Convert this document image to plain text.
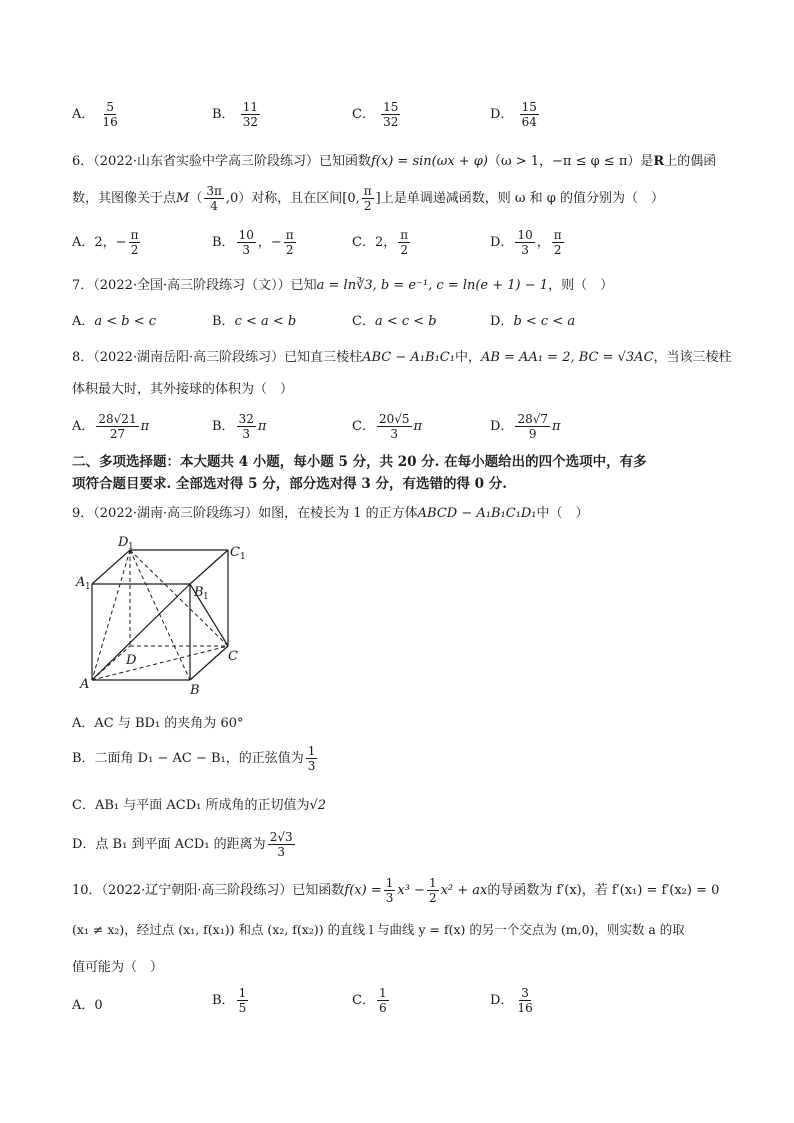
A． $\frac{5}{16}$	B． $\frac{11}{32}$	C． $\frac{15}{32}$	D． $\frac{15}{64}$
6．（2022·山东省实验中学高三阶段练习）已知函数f(x) = sin(ωx + φ)（ω > 1，−π ≤ φ ≤ π）是R上的偶函
数，其图像关于点$M( \frac{3\pi}{4} ,0)$对称，且在区间[0, $\frac{\pi}{2}$ ]上是单调递减函数，则 ω 和 φ 的值分别为（　）
A．2，− $\frac{\pi}{2}$	B． $\frac{10}{3}$ ，− $\frac{\pi}{2}$	C．2， $\frac{\pi}{2}$	D． $\frac{10}{3}$ ， $\frac{\pi}{2}$
7．（2022·全国·高三阶段练习（文））已知a = ln∛3, b = e⁻¹, c = ln(e + 1) − 1，则（　）
A．a < b < c	B．c < a < b	C．a < c < b	D．b < c < a
8．（2022·湖南岳阳·高三阶段练习）已知直三棱柱ABC − A₁B₁C₁中，AB = AA₁ = 2, BC = √3AC，当该三棱柱
体积最大时，其外接球的体积为（　）
A． $\frac{28√21}{27}$ π	B． $\frac{32}{3}$ π	C． $\frac{20√5}{3}$ π	D． $\frac{28√7}{9}$ π
二、多项选择题：本大题共 4 小题，每小题 5 分，共 20 分. 在每小题给出的四个选项中，有多
项符合题目要求. 全部选对得 5 分，部分选对得 3 分，有选错的得 0 分.
9．（2022·湖南·高三阶段练习）如图，在棱长为 1 的正方体ABCD − A₁B₁C₁D₁中（　）
D 1	C 1
A 1	B 1
D	C
A	B
A．AC 与 BD₁ 的夹角为 60°
B．二面角 D₁ − AC − B₁，的正弦值为 $\frac{1}{3}$
C．AB₁ 与平面 ACD₁ 所成角的正切值为√2
D．点 B₁ 到平面 ACD₁ 的距离为 $\frac{2√3}{3}$
10．（2022·辽宁朝阳·高三阶段练习）已知函数$f(x) = \frac{1}{3} x^3 - \frac{1}{2} x^2$ + ax的导函数为 f′(x)，若 f′(x₁) = f′(x₂) = 0
(x₁ ≠ x₂)，经过点 (x₁, f(x₁)) 和点 (x₂, f(x₂)) 的直线 l 与曲线 y = f(x) 的另一个交点为 (m,0)，则实数 a 的取
值可能为（　）
A．0	B． $\frac{1}{5}$	C． $\frac{1}{6}$	D． $\frac{3}{16}$
